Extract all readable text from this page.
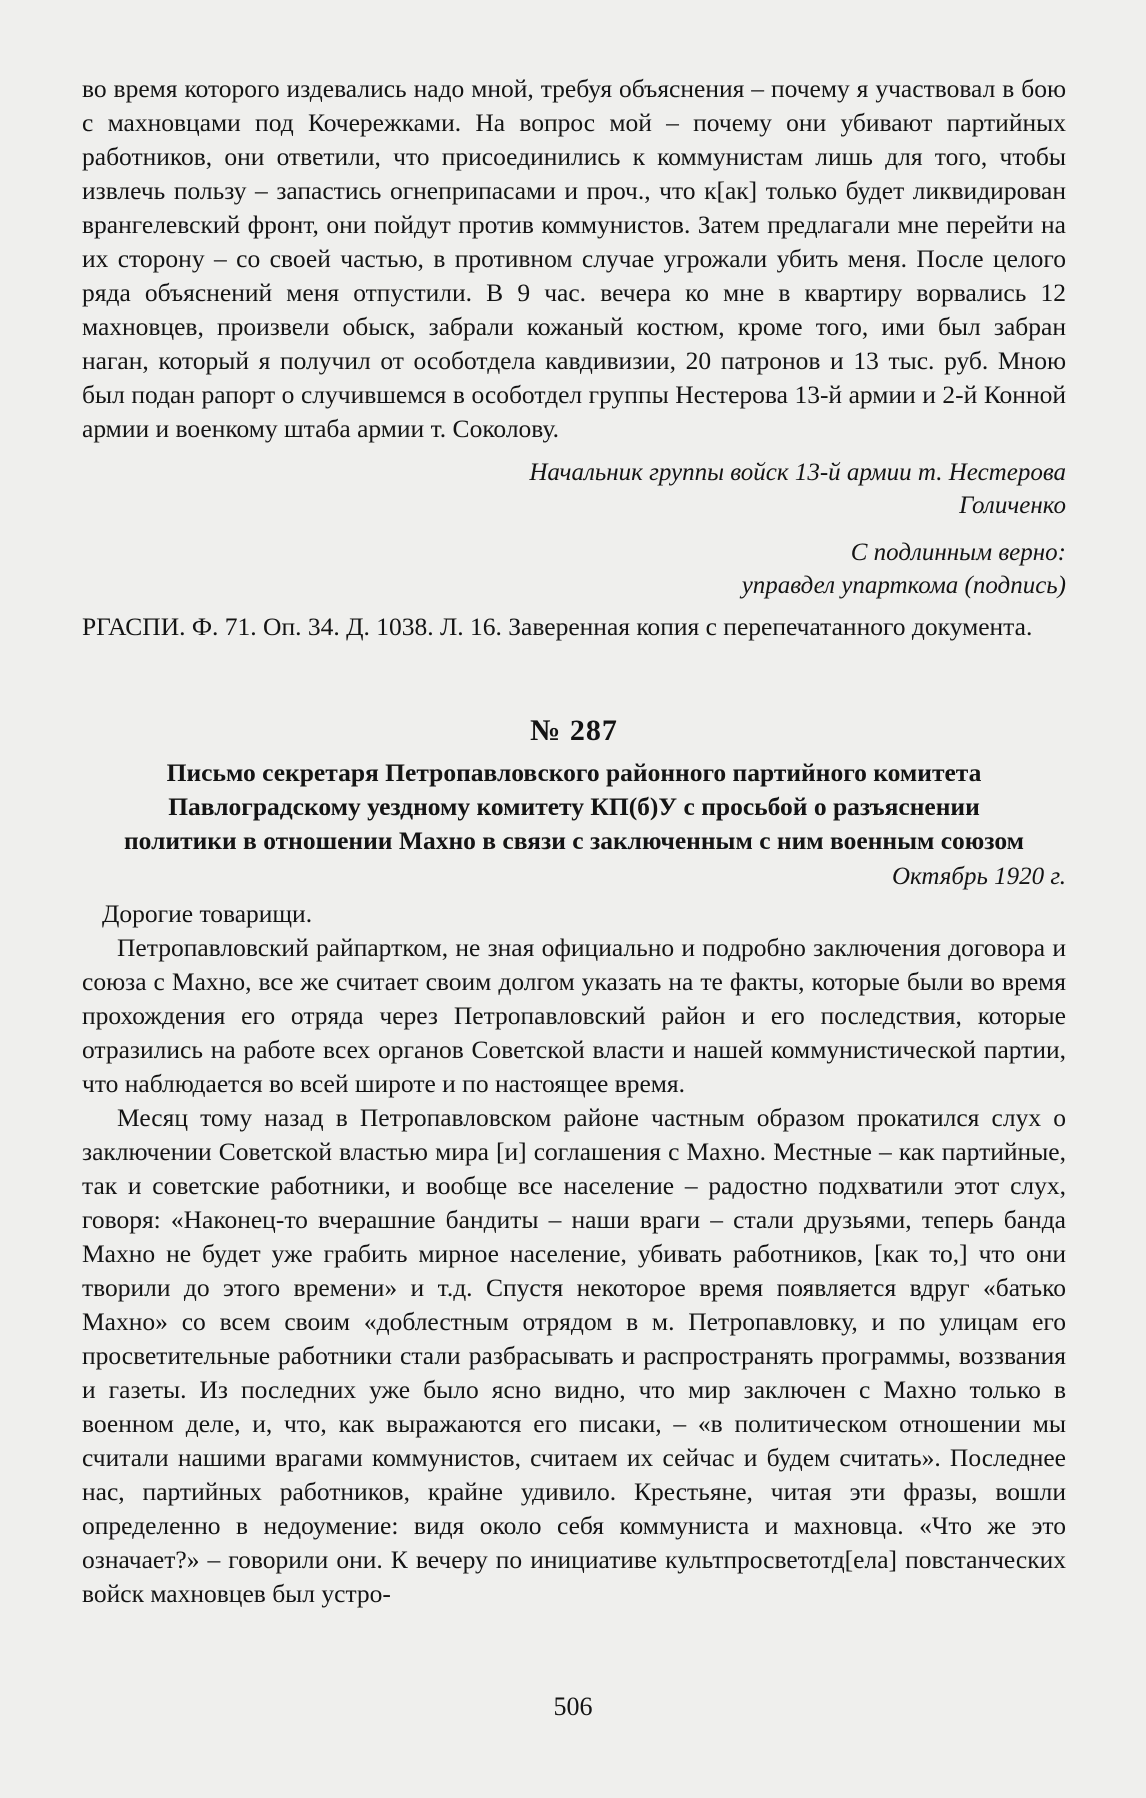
во время которого издевались надо мной, требуя объяснения – почему я участвовал в бою с махновцами под Кочережками. На вопрос мой – почему они убивают партийных работников, они ответили, что присоединились к коммунистам лишь для того, чтобы извлечь пользу – запастись огнеприпасами и проч., что к[ак] только будет ликвидирован врангелевский фронт, они пойдут против коммунистов. Затем предлагали мне перейти на их сторону – со своей частью, в противном случае угрожали убить меня. После целого ряда объяснений меня отпустили. В 9 час. вечера ко мне в квартиру ворвались 12 махновцев, произвели обыск, забрали кожаный костюм, кроме того, ими был забран наган, который я получил от особотдела кавдивизии, 20 патронов и 13 тыс. руб. Мною был подан рапорт о случившемся в особотдел группы Нестерова 13-й армии и 2-й Конной армии и военкому штаба армии т. Соколову.

Начальник группы войск 13-й армии т. Нестерова

Голиченко

С подлинным верно:

управдел упарткома (подпись)

РГАСПИ. Ф. 71. Оп. 34. Д. 1038. Л. 16. Заверенная копия с перепечатанного документа.

№ 287

Письмо секретаря Петропавловского районного партийного комитета Павлоградскому уездному комитету КП(б)У с просьбой о разъяснении политики в отношении Махно в связи с заключенным с ним военным союзом

Октябрь 1920 г.

Дорогие товарищи.

Петропавловский райпартком, не зная официально и подробно заключения договора и союза с Махно, все же считает своим долгом указать на те факты, которые были во время прохождения его отряда через Петропавловский район и его последствия, которые отразились на работе всех органов Советской власти и нашей коммунистической партии, что наблюдается во всей широте и по настоящее время.

Месяц тому назад в Петропавловском районе частным образом прокатился слух о заключении Советской властью мира [и] соглашения с Махно. Местные – как партийные, так и советские работники, и вообще все население – радостно подхватили этот слух, говоря: «Наконец-то вчерашние бандиты – наши враги – стали друзьями, теперь банда Махно не будет уже грабить мирное население, убивать работников, [как то,] что они творили до этого времени» и т.д. Спустя некоторое время появляется вдруг «батько Махно» со всем своим «доблестным отрядом в м. Петропавловку, и по улицам его просветительные работники стали разбрасывать и распространять программы, воззвания и газеты. Из последних уже было ясно видно, что мир заключен с Махно только в военном деле, и, что, как выражаются его писаки, – «в политическом отношении мы считали нашими врагами коммунистов, считаем их сейчас и будем считать». Последнее нас, партийных работников, крайне удивило. Крестьяне, читая эти фразы, вошли определенно в недоумение: видя около себя коммуниста и махновца. «Что же это означает?» – говорили они. К вечеру по инициативе культпросветотд[ела] повстанческих войск махновцев был устро-

506
